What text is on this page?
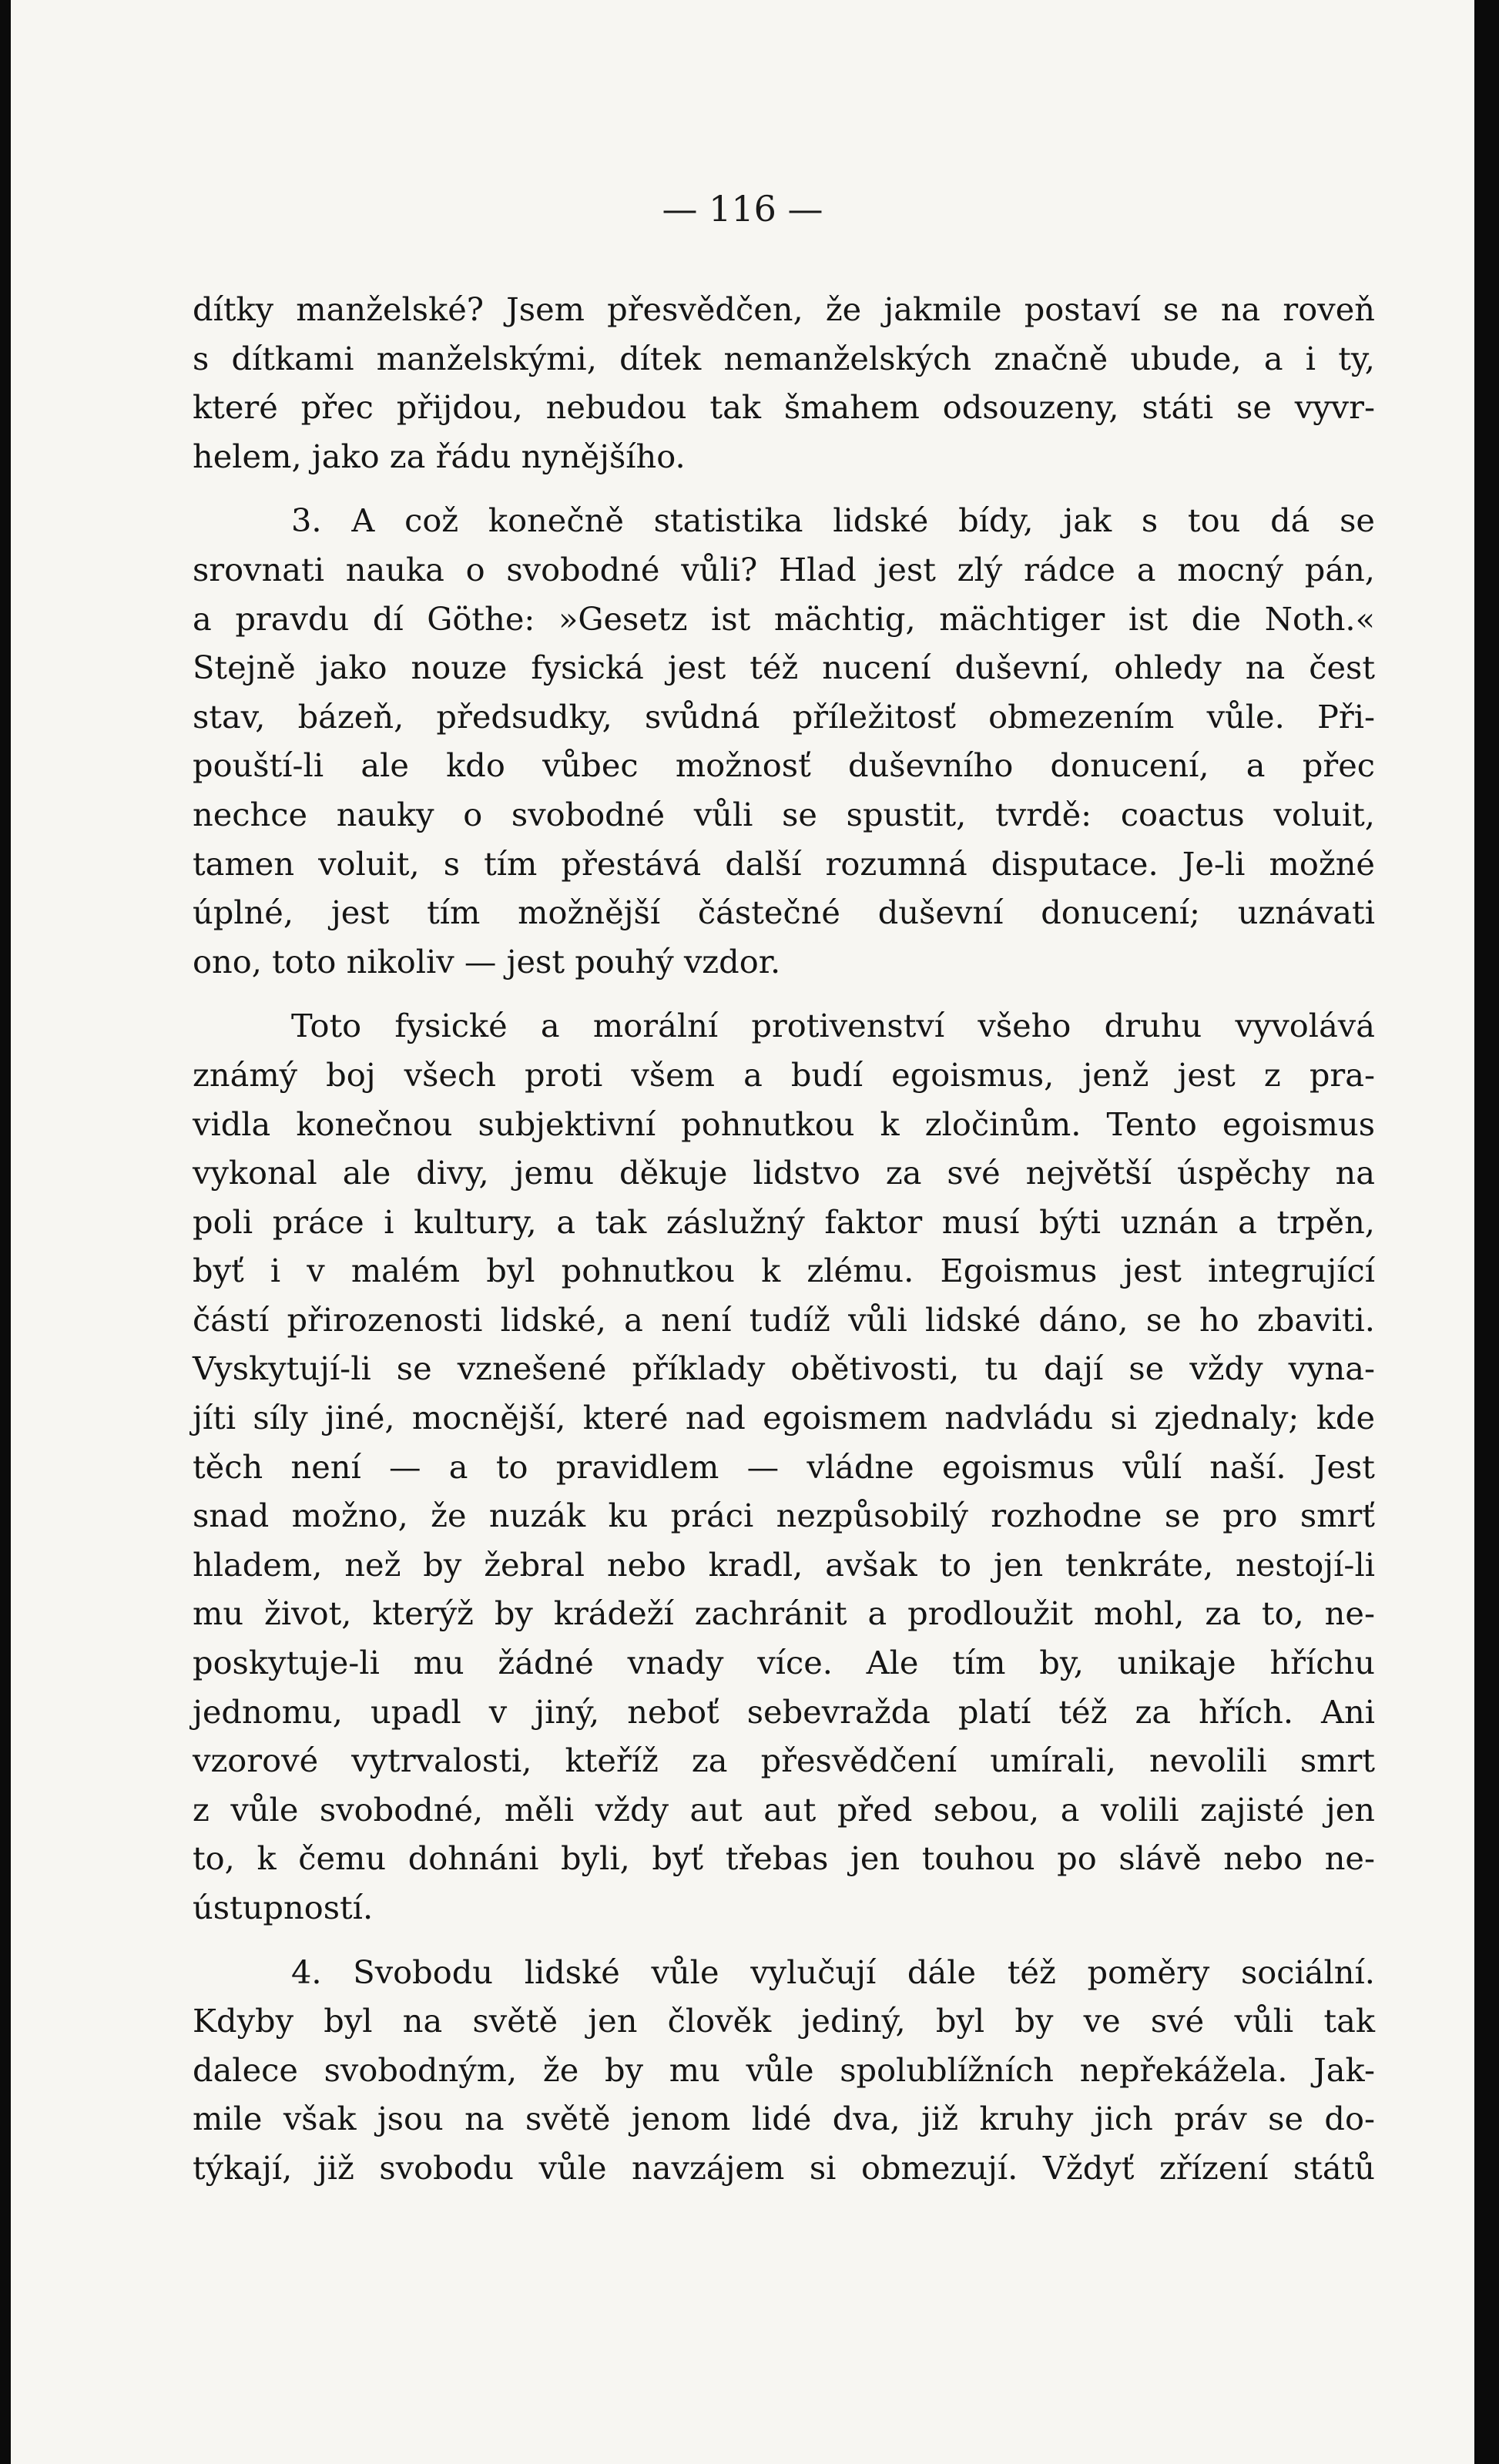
— 116 —
dítky manželské? Jsem přesvědčen, že jakmile postaví se na roveň
s dítkami manželskými, dítek nemanželských značně ubude, a i ty,
které přec přijdou, nebudou tak šmahem odsouzeny, státi se vyvr-
helem, jako za řádu nynějšího.
3. A což konečně statistika lidské bídy, jak s tou dá se
srovnati nauka o svobodné vůli? Hlad jest zlý rádce a mocný pán,
a pravdu dí Göthe: »Gesetz ist mächtig, mächtiger ist die Noth.«
Stejně jako nouze fysická jest též nucení duševní, ohledy na čest
stav, bázeň, předsudky, svůdná příležitosť obmezením vůle. Při-
pouští-li ale kdo vůbec možnosť duševního donucení, a přec
nechce nauky o svobodné vůli se spustit, tvrdě: coactus voluit,
tamen voluit, s tím přestává další rozumná disputace. Je-li možné
úplné, jest tím možnější částečné duševní donucení; uznávati
ono, toto nikoliv — jest pouhý vzdor.
Toto fysické a morální protivenství všeho druhu vyvolává
známý boj všech proti všem a budí egoismus, jenž jest z pra-
vidla konečnou subjektivní pohnutkou k zločinům. Tento egoismus
vykonal ale divy, jemu děkuje lidstvo za své největší úspěchy na
poli práce i kultury, a tak záslužný faktor musí býti uznán a trpěn,
byť i v malém byl pohnutkou k zlému. Egoismus jest integrující
částí přirozenosti lidské, a není tudíž vůli lidské dáno, se ho zbaviti.
Vyskytují-li se vznešené příklady obětivosti, tu dají se vždy vyna-
jíti síly jiné, mocnější, které nad egoismem nadvládu si zjednaly; kde
těch není — a to pravidlem — vládne egoismus vůlí naší. Jest
snad možno, že nuzák ku práci nezpůsobilý rozhodne se pro smrť
hladem, než by žebral nebo kradl, avšak to jen tenkráte, nestojí-li
mu život, kterýž by krádeží zachránit a prodloužit mohl, za to, ne-
poskytuje-li mu žádné vnady více. Ale tím by, unikaje hříchu
jednomu, upadl v jiný, neboť sebevražda platí též za hřích. Ani
vzorové vytrvalosti, kteříž za přesvědčení umírali, nevolili smrt
z vůle svobodné, měli vždy aut aut před sebou, a volili zajisté jen
to, k čemu dohnáni byli, byť třebas jen touhou po slávě nebo ne-
ústupností.
4. Svobodu lidské vůle vylučují dále též poměry sociální.
Kdyby byl na světě jen člověk jediný, byl by ve své vůli tak
dalece svobodným, že by mu vůle spolublížních nepřekážela. Jak-
mile však jsou na světě jenom lidé dva, již kruhy jich práv se do-
týkají, již svobodu vůle navzájem si obmezují. Vždyť zřízení států
